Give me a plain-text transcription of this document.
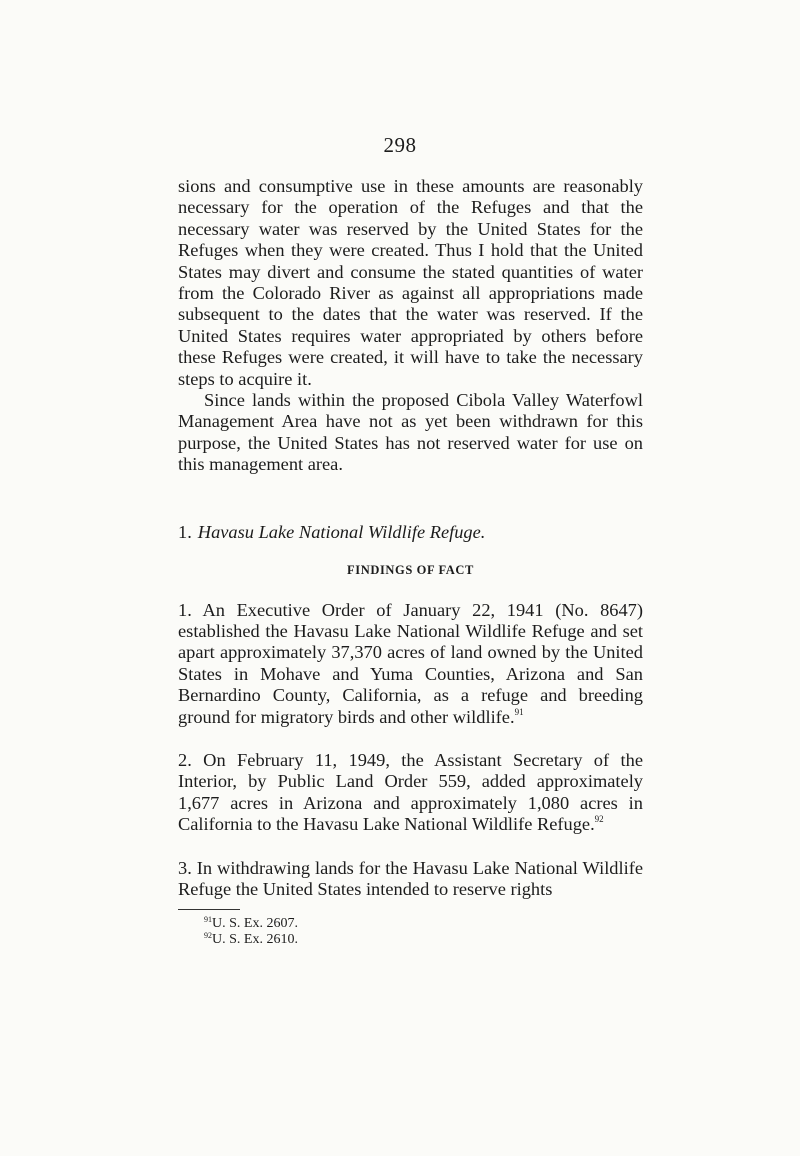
298

sions and consumptive use in these amounts are reasonably necessary for the operation of the Refuges and that the necessary water was reserved by the United States for the Refuges when they were created. Thus I hold that the United States may divert and consume the stated quantities of water from the Colorado River as against all appropriations made subsequent to the dates that the water was reserved. If the United States requires water appropriated by others before these Refuges were created, it will have to take the necessary steps to acquire it.

Since lands within the proposed Cibola Valley Waterfowl Management Area have not as yet been withdrawn for this purpose, the United States has not reserved water for use on this management area.

1. Havasu Lake National Wildlife Refuge.

FINDINGS OF FACT

1. An Executive Order of January 22, 1941 (No. 8647) established the Havasu Lake National Wildlife Refuge and set apart approximately 37,370 acres of land owned by the United States in Mohave and Yuma Counties, Arizona and San Bernardino County, California, as a refuge and breeding ground for migratory birds and other wildlife.$^{91}$

2. On February 11, 1949, the Assistant Secretary of the Interior, by Public Land Order 559, added approximately 1,677 acres in Arizona and approximately 1,080 acres in California to the Havasu Lake National Wildlife Refuge.$^{92}$

3. In withdrawing lands for the Havasu Lake National Wildlife Refuge the United States intended to reserve rights

$^{91}$U. S. Ex. 2607.
$^{92}$U. S. Ex. 2610.
